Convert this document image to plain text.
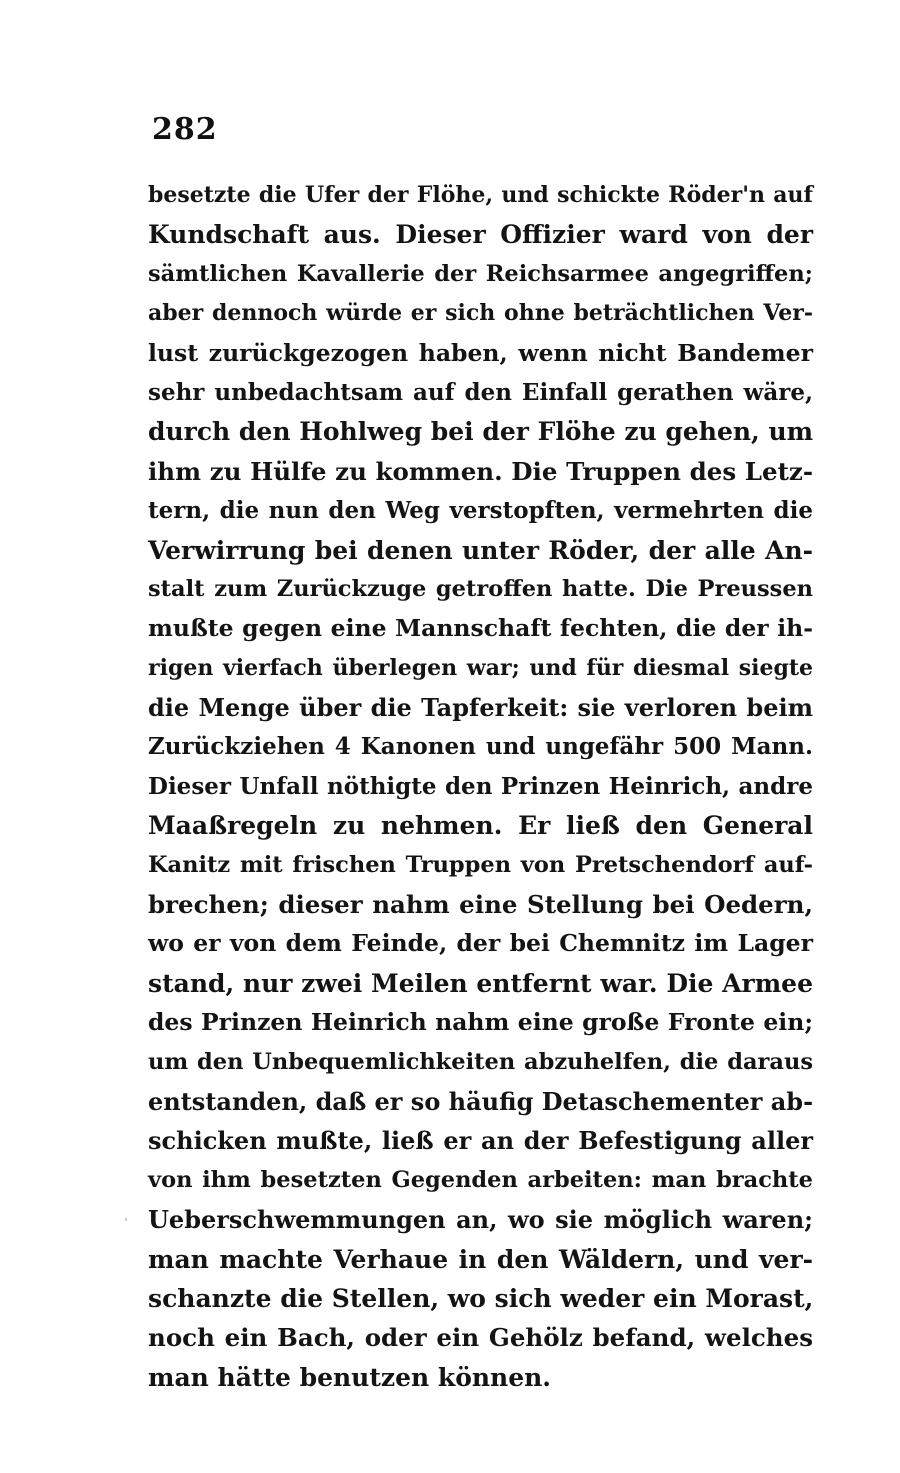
282
besetzte die Ufer der Flöhe, und schickte Röder'n auf
Kundschaft aus. Dieser Offizier ward von der
sämtlichen Kavallerie der Reichsarmee angegriffen;
aber dennoch würde er sich ohne beträchtlichen Ver-
lust zurückgezogen haben, wenn nicht Bandemer
sehr unbedachtsam auf den Einfall gerathen wäre,
durch den Hohlweg bei der Flöhe zu gehen, um
ihm zu Hülfe zu kommen. Die Truppen des Letz-
tern, die nun den Weg verstopften, vermehrten die
Verwirrung bei denen unter Röder, der alle An-
stalt zum Zurückzuge getroffen hatte. Die Preussen
mußte gegen eine Mannschaft fechten, die der ih-
rigen vierfach überlegen war; und für diesmal siegte
die Menge über die Tapferkeit: sie verloren beim
Zurückziehen 4 Kanonen und ungefähr 500 Mann.
Dieser Unfall nöthigte den Prinzen Heinrich, andre
Maaßregeln zu nehmen. Er ließ den General
Kanitz mit frischen Truppen von Pretschendorf auf-
brechen; dieser nahm eine Stellung bei Oedern,
wo er von dem Feinde, der bei Chemnitz im Lager
stand, nur zwei Meilen entfernt war. Die Armee
des Prinzen Heinrich nahm eine große Fronte ein;
um den Unbequemlichkeiten abzuhelfen, die daraus
entstanden, daß er so häufig Detaschementer ab-
schicken mußte, ließ er an der Befestigung aller
von ihm besetzten Gegenden arbeiten: man brachte
Ueberschwemmungen an, wo sie möglich waren;
man machte Verhaue in den Wäldern, und ver-
schanzte die Stellen, wo sich weder ein Morast,
noch ein Bach, oder ein Gehölz befand, welches
man hätte benutzen können.
